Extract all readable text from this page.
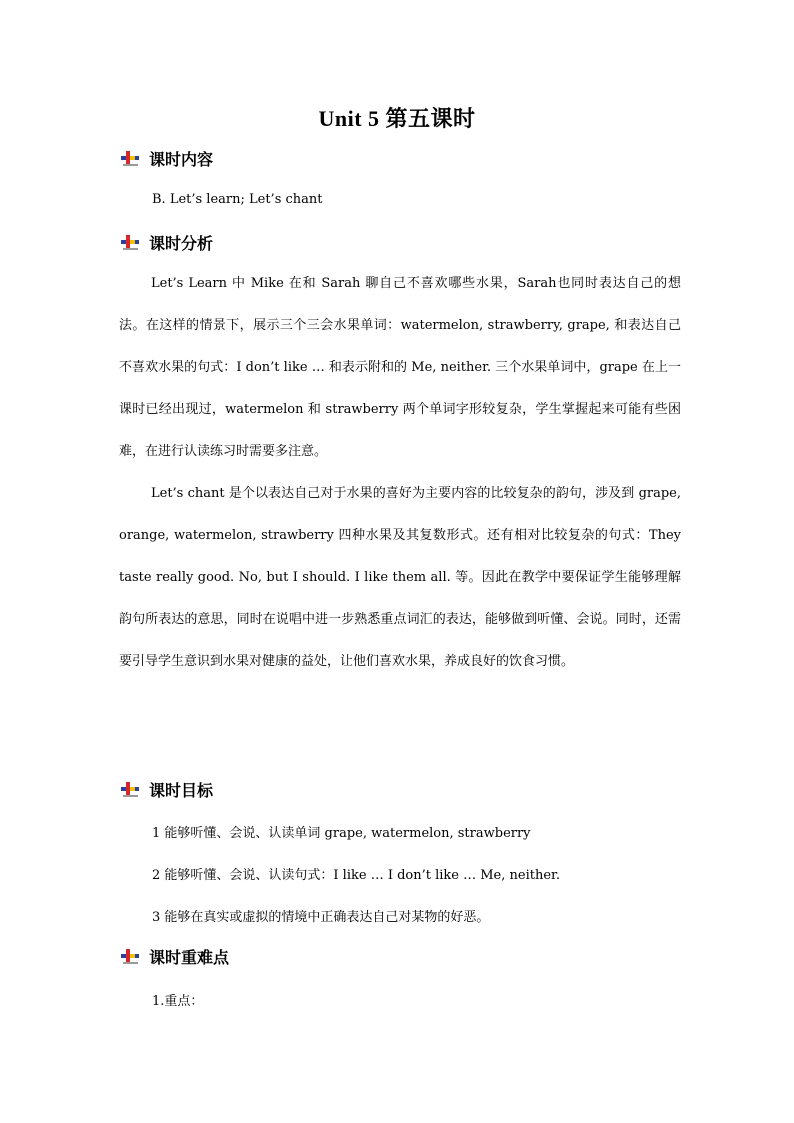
Unit 5 第五课时
课时内容
B. Let’s learn; Let’s chant
课时分析

Let’s Learn 中 Mike 在和 Sarah 聊自己不喜欢哪些水果，Sarah也同时表达自己的想法。在这样的情景下，展示三个三会水果单词：watermelon, strawberry, grape, 和表达自己不喜欢水果的句式：I don’t like … 和表示附和的 Me, neither. 三个水果单词中，grape 在上一课时已经出现过，watermelon 和 strawberry 两个单词字形较复杂，学生掌握起来可能有些困难，在进行认读练习时需要多注意。

Let’s chant 是个以表达自己对于水果的喜好为主要内容的比较复杂的韵句，涉及到 grape, orange, watermelon, strawberry 四种水果及其复数形式。还有相对比较复杂的句式：They taste really good. No, but I should. I like them all. 等。因此在教学中要保证学生能够理解韵句所表达的意思，同时在说唱中进一步熟悉重点词汇的表达，能够做到听懂、会说。同时，还需要引导学生意识到水果对健康的益处，让他们喜欢水果，养成良好的饮食习惯。

课时目标
1 能够听懂、会说、认读单词 grape, watermelon, strawberry
2 能够听懂、会说、认读句式：I like … I don’t like … Me, neither.
3 能够在真实或虚拟的情境中正确表达自己对某物的好恶。
课时重难点
1.重点：
